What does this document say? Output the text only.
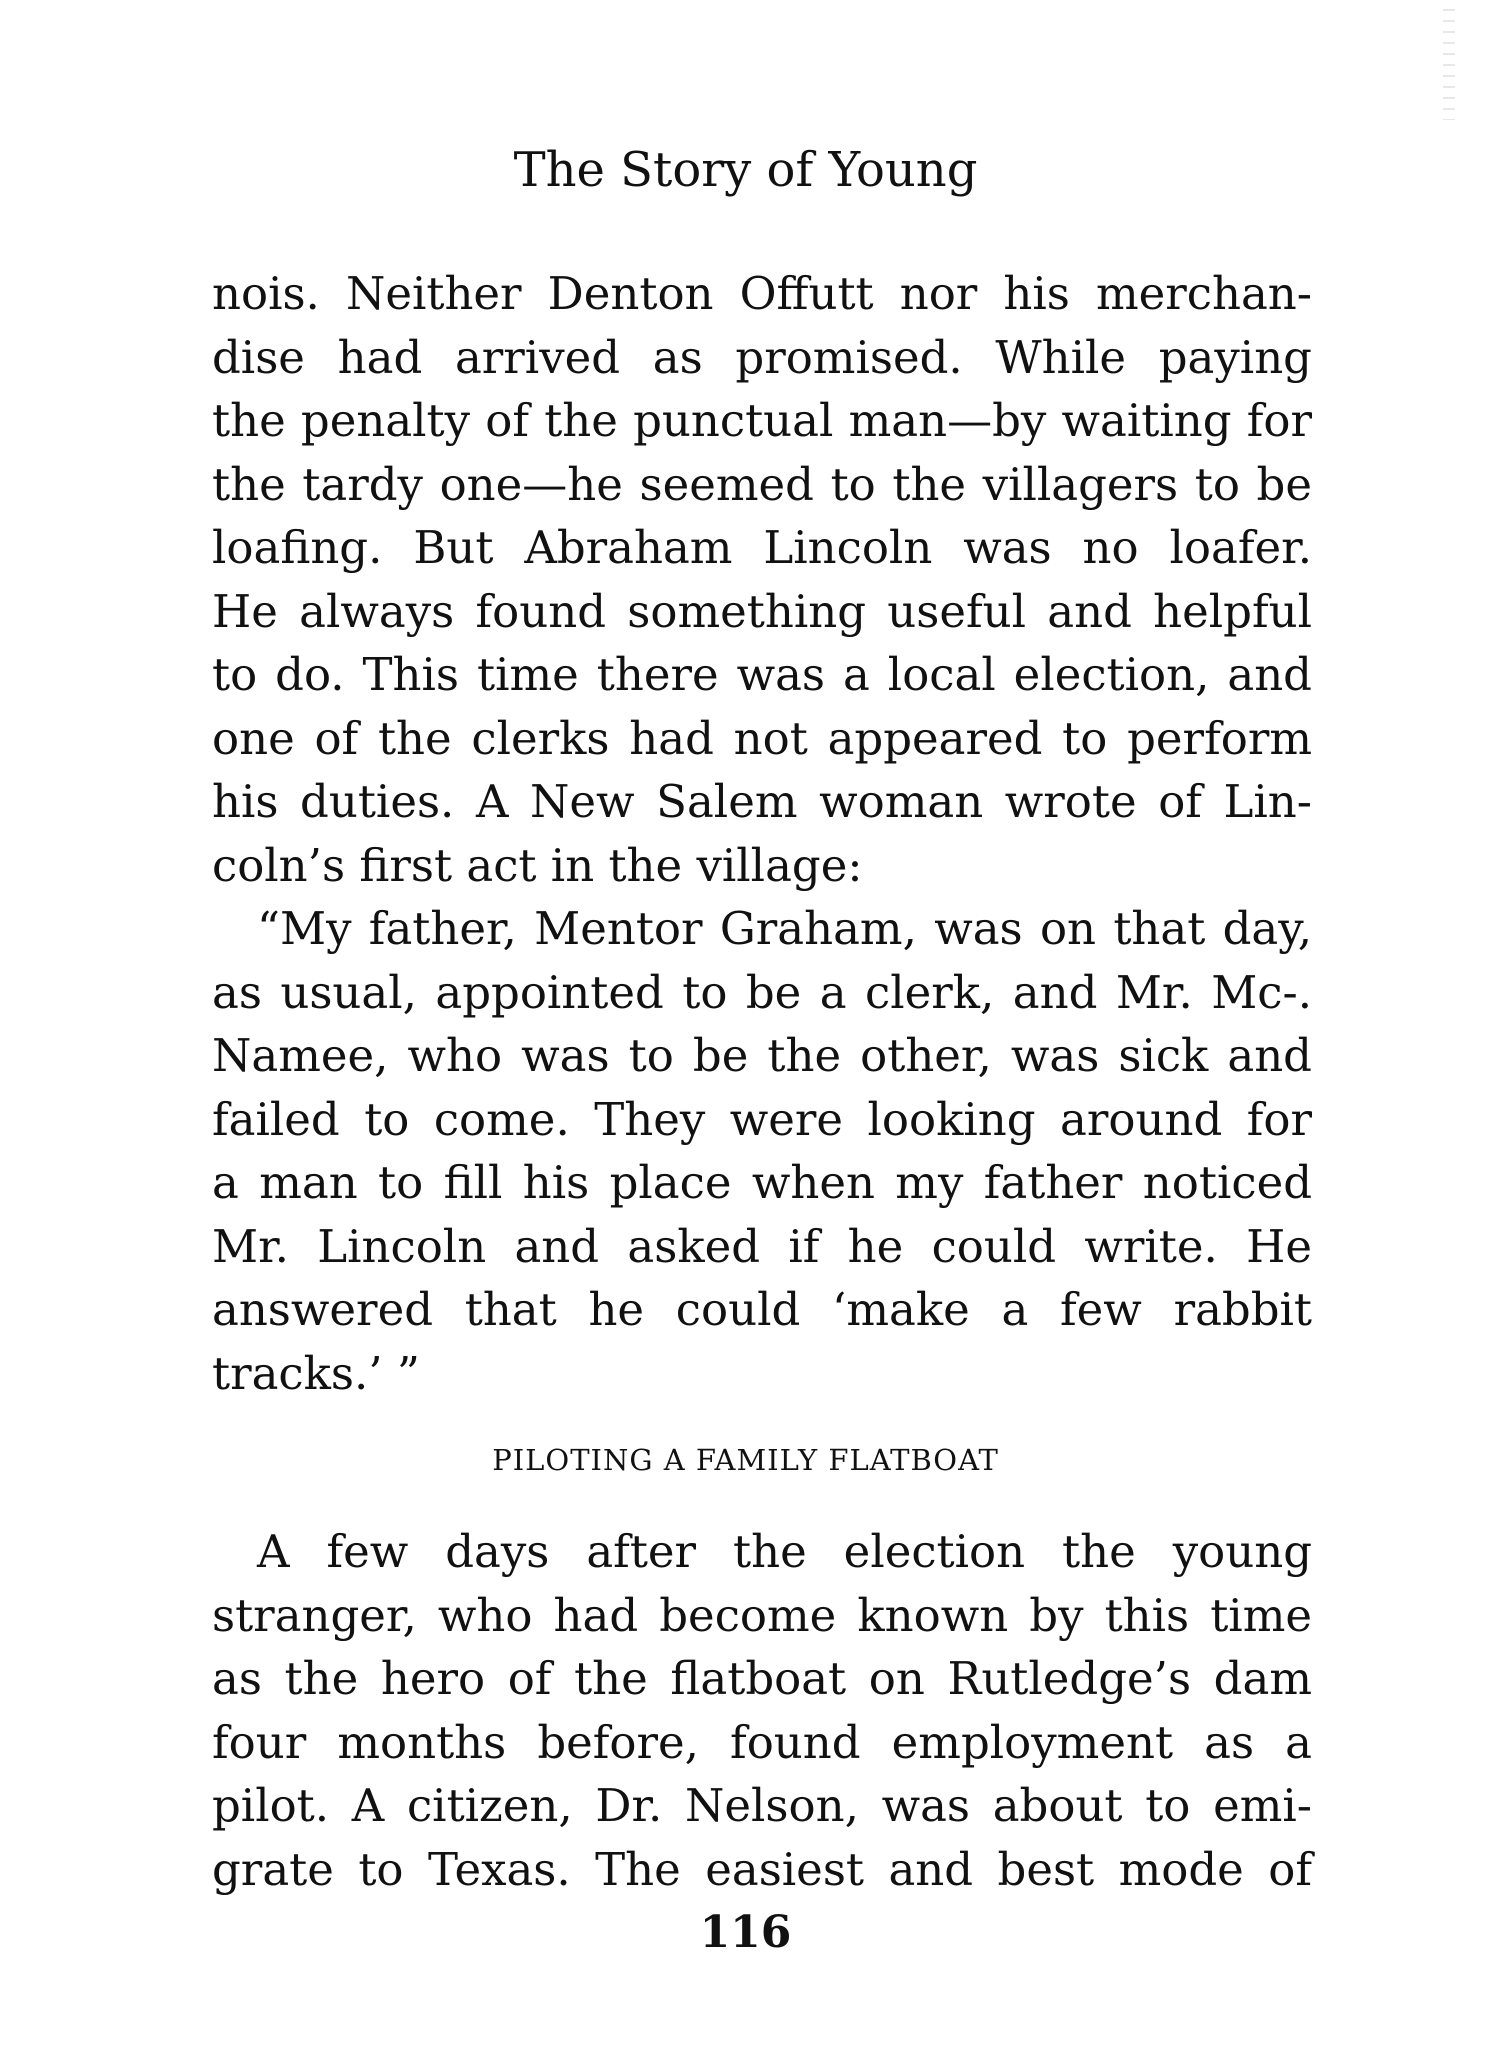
The Story of Young
nois. Neither Denton Offutt nor his merchan-
dise had arrived as promised. While paying
the penalty of the punctual man—by waiting for
the tardy one—he seemed to the villagers to be
loafing. But Abraham Lincoln was no loafer.
He always found something useful and helpful
to do. This time there was a local election, and
one of the clerks had not appeared to perform
his duties. A New Salem woman wrote of Lin-
coln’s first act in the village:
“My father, Mentor Graham, was on that day,
as usual, appointed to be a clerk, and Mr. Mc-.
Namee, who was to be the other, was sick and
failed to come. They were looking around for
a man to fill his place when my father noticed
Mr. Lincoln and asked if he could write. He
answered that he could ‘make a few rabbit
tracks.’ ”
PILOTING A FAMILY FLATBOAT
A few days after the election the young
stranger, who had become known by this time
as the hero of the flatboat on Rutledge’s dam
four months before, found employment as a
pilot. A citizen, Dr. Nelson, was about to emi-
grate to Texas. The easiest and best mode of
116
